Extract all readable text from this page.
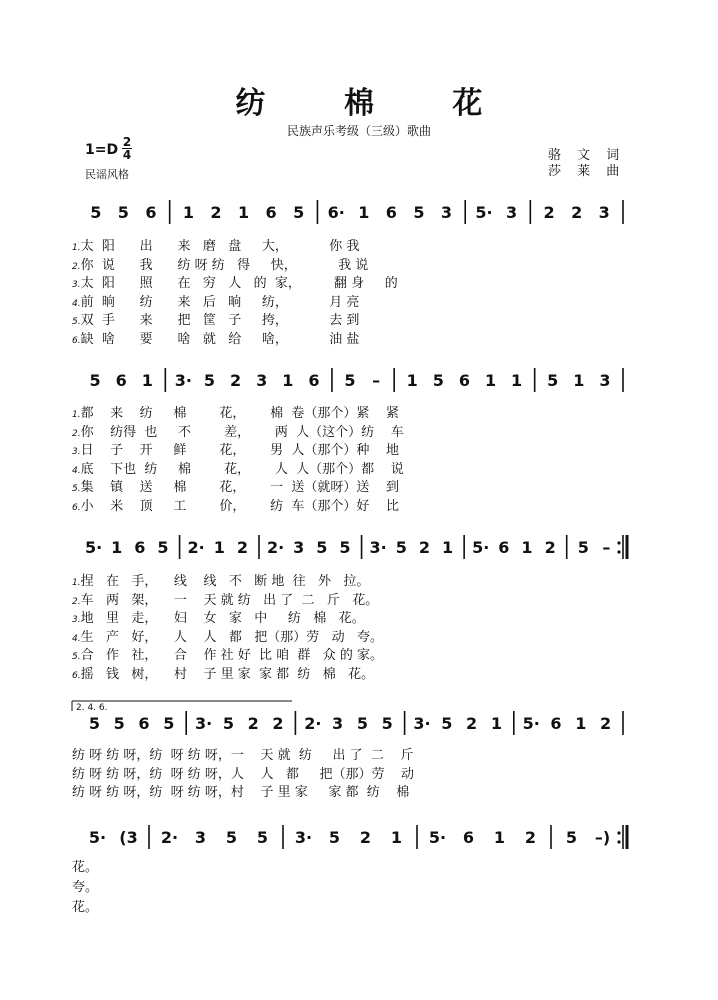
纺 棉 花
民族声乐考级（三级）歌曲
1=D 2
4
民谣风格
骆 文 词
莎 莱 曲
5 5 6 1 2 1 6 5 6· 1 6 5 3 5· 3 2 2 3
5 6 1 3· 5 2 3 1 6 5 – 1 5 6 1 1 5 1 3
5· 1 6 5 2· 1 2 2· 3 5 5 3· 5 2 1 5· 6 1 2 5 –
5 5 6 5 3· 5 2 2 2· 3 5 5 3· 5 2 1 5· 6 1 2
2. 4. 6.
5· (3 2· 3 5 5 3· 5 2 1 5· 6 1 2 5 –)
1.太  阳      出      来   磨   盘     大，          你 我
2.你  说      我      纺 呀 纺   得     快，          我 说
3.太  阳      照      在   穷   人   的  家，        翻 身     的
4.前  晌      纺      来   后   晌     纺，          月 亮
5.双  手      来      把   筐   子     挎，          去 到
6.缺  啥      要      啥   就   给     啥，          油 盐
1.都    来    纺     棉        花，      棉  卷（那个）紧    紧
2.你    纺得  也     不        差，      两  人（这个）纺    车
3.日    子    开     鲜        花，      男  人（那个）种    地
4.底    下也  纺     棉        花，      人  人（那个）都    说
5.集    镇    送     棉        花，      一  送（就呀）送    到
6.小    米    顶     工        价，      纺  车（那个）好    比
1.捏   在   手，    线    线   不   断 地  往   外   拉。
2.车   两   架，    一    天 就 纺   出 了  二   斤   花。
3.地   里   走，    妇    女   家   中     纺   棉   花。
4.生   产   好，    人    人   都   把（那）劳   动   夸。
5.合   作   社，    合    作 社 好  比 咱  群   众 的 家。
6.摇   钱   树，    村    子 里 家  家 都  纺   棉   花。
纺 呀 纺 呀，纺  呀 纺 呀，一    天 就  纺     出 了  二    斤
纺 呀 纺 呀，纺  呀 纺 呀，人    人   都     把（那）劳    动
纺 呀 纺 呀，纺  呀 纺 呀，村    子 里 家     家 都  纺    棉
花。
夸。
花。
